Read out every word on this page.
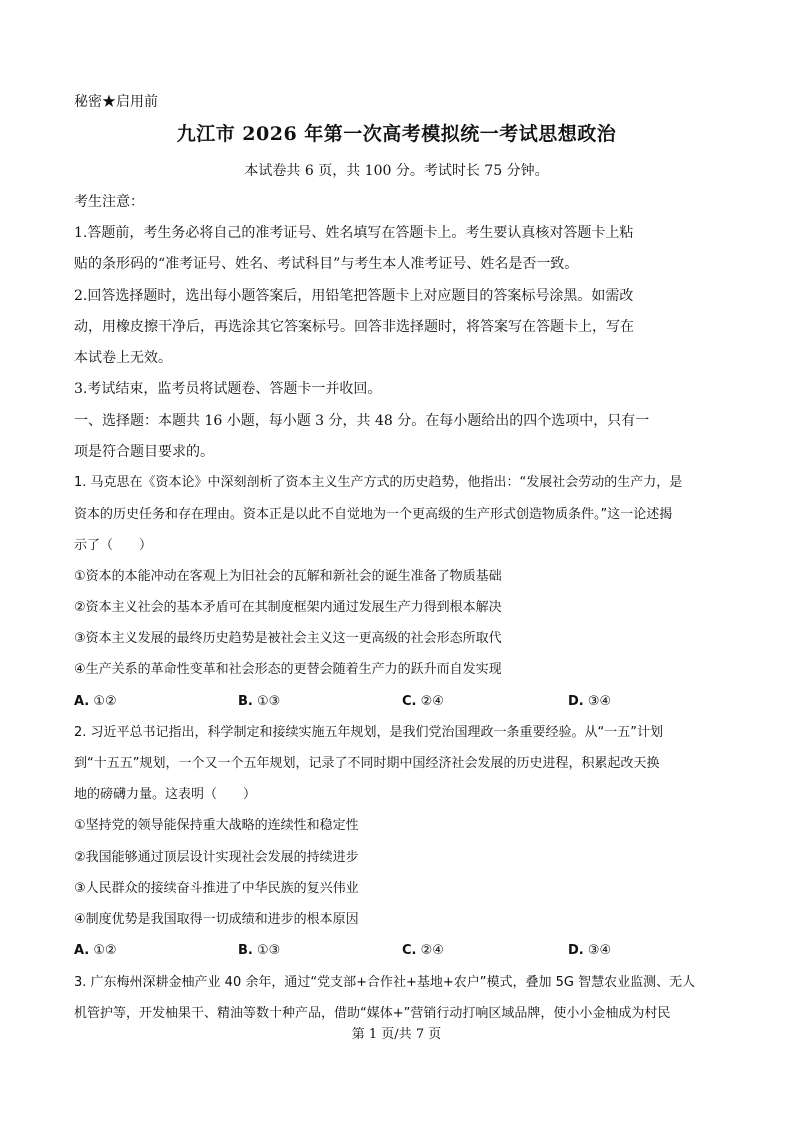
秘密★启用前
九江市 2026 年第一次高考模拟统一考试思想政治
本试卷共 6 页，共 100 分。考试时长 75 分钟。
考生注意：
1.答题前，考生务必将自己的准考证号、姓名填写在答题卡上。考生要认真核对答题卡上粘
贴的条形码的“准考证号、姓名、考试科目”与考生本人准考证号、姓名是否一致。
2.回答选择题时，选出每小题答案后，用铅笔把答题卡上对应题目的答案标号涂黑。如需改
动，用橡皮擦干净后，再选涂其它答案标号。回答非选择题时，将答案写在答题卡上，写在
本试卷上无效。
3.考试结束，监考员将试题卷、答题卡一并收回。
一、选择题：本题共 16 小题，每小题 3 分，共 48 分。在每小题给出的四个选项中，只有一
项是符合题目要求的。
1. 马克思在《资本论》中深刻剖析了资本主义生产方式的历史趋势，他指出：“发展社会劳动的生产力，是
资本的历史任务和存在理由。资本正是以此不自觉地为一个更高级的生产形式创造物质条件。”这一论述揭
示了（　　）
①资本的本能冲动在客观上为旧社会的瓦解和新社会的诞生准备了物质基础
②资本主义社会的基本矛盾可在其制度框架内通过发展生产力得到根本解决
③资本主义发展的最终历史趋势是被社会主义这一更高级的社会形态所取代
④生产关系的革命性变革和社会形态的更替会随着生产力的跃升而自发实现
A. ①②	B. ①③	C. ②④	D. ③④
2. 习近平总书记指出，科学制定和接续实施五年规划，是我们党治国理政一条重要经验。从“一五”计划
到“十五五”规划，一个又一个五年规划，记录了不同时期中国经济社会发展的历史进程，积累起改天换
地的磅礴力量。这表明（　　）
①坚持党的领导能保持重大战略的连续性和稳定性
②我国能够通过顶层设计实现社会发展的持续进步
③人民群众的接续奋斗推进了中华民族的复兴伟业
④制度优势是我国取得一切成绩和进步的根本原因
A. ①②	B. ①③	C. ②④	D. ③④
3. 广东梅州深耕金柚产业 40 余年，通过“党支部+合作社+基地+农户”模式，叠加 5G 智慧农业监测、无人
机管护等，开发柚果干、精油等数十种产品，借助“媒体+”营销行动打响区域品牌，使小小金柚成为村民
第 1 页/共 7 页
